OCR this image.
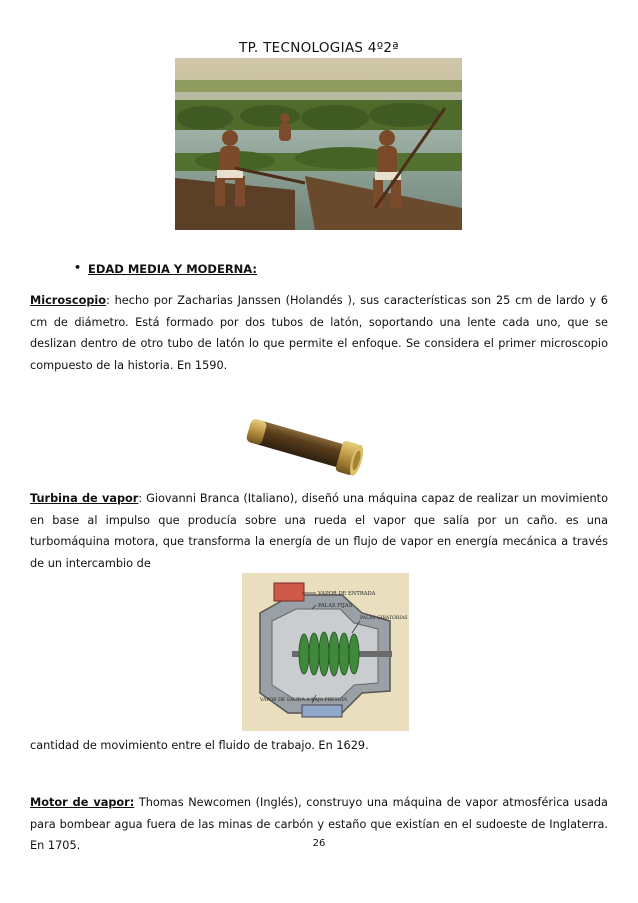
TP. TECNOLOGIAS 4º2ª
• EDAD MEDIA Y MODERNA:

Microscopio: hecho por Zacharias Janssen (Holandés ), sus características son 25 cm de lardo y 6 cm de diámetro. Está formado por dos tubos de latón, soportando una lente cada uno, que se deslizan dentro de otro tubo de latón lo que permite el enfoque. Se considera el primer microscopio compuesto de la historia. En 1590.

Turbina de vapor: Giovanni Branca (Italiano), diseñó una máquina capaz de realizar un movimiento en base al impulso que producía sobre una rueda el vapor que salía por un caño. es una turbomáquina motora, que transforma la energía de un flujo de vapor en energía mecánica a través de un intercambio de

VAPOR DE ENTRADA
PALAS FIJAS
PALAS GIRATORIAS
VAPOR DE SALIDA A BAJA PRESIÓN

cantidad de movimiento entre el fluido de trabajo. En 1629.

Motor de vapor: Thomas Newcomen (Inglés), construyo una máquina de vapor atmosférica usada para bombear agua fuera de las minas de carbón y estaño que existían en el sudoeste de Inglaterra. En 1705.	26
